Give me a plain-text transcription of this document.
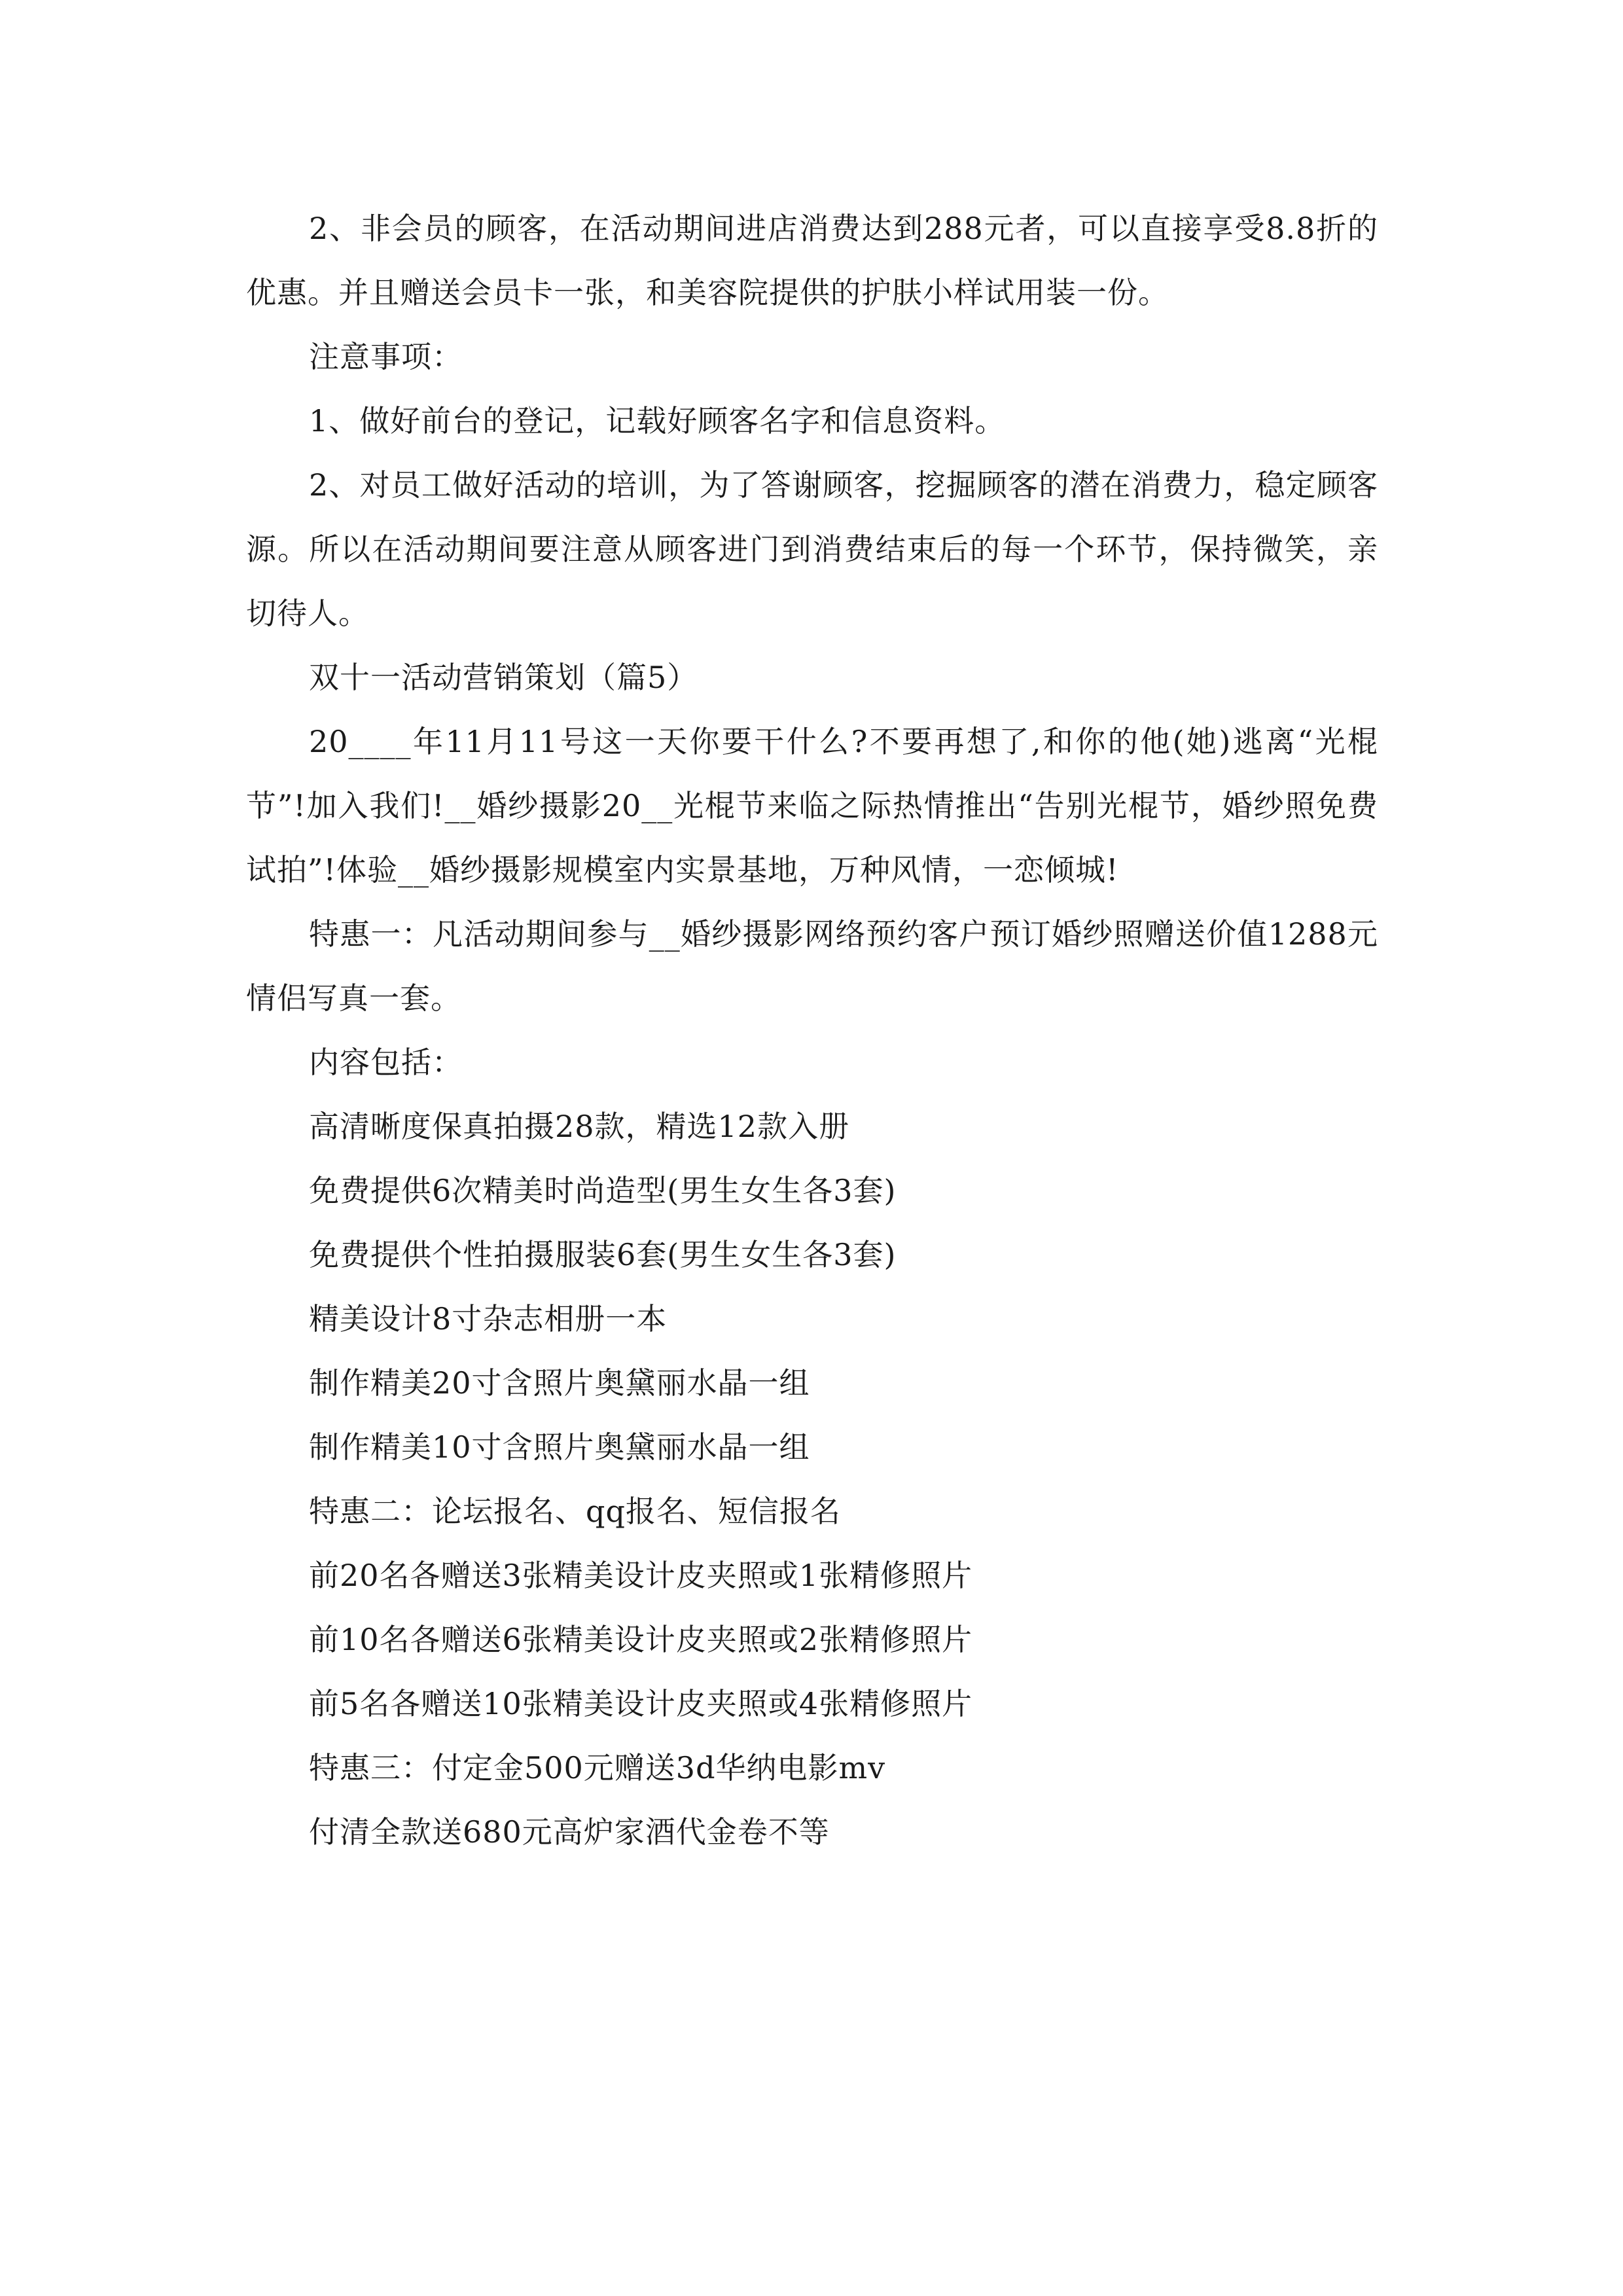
2、非会员的顾客，在活动期间进店消费达到288元者，可以直接享受8.8折的优惠。并且赠送会员卡一张，和美容院提供的护肤小样试用装一份。

注意事项：

1、做好前台的登记，记载好顾客名字和信息资料。

2、对员工做好活动的培训，为了答谢顾客，挖掘顾客的潜在消费力，稳定顾客源。所以在活动期间要注意从顾客进门到消费结束后的每一个环节，保持微笑，亲切待人。

双十一活动营销策划（篇5）

20____年11月11号这一天你要干什么?不要再想了,和你的他(她)逃离“光棍节”!加入我们!__婚纱摄影20__光棍节来临之际热情推出“告别光棍节，婚纱照免费试拍”!体验__婚纱摄影规模室内实景基地，万种风情，一恋倾城!

特惠一：凡活动期间参与__婚纱摄影网络预约客户预订婚纱照赠送价值1288元情侣写真一套。

内容包括：

高清晰度保真拍摄28款，精选12款入册

免费提供6次精美时尚造型(男生女生各3套)

免费提供个性拍摄服装6套(男生女生各3套)

精美设计8寸杂志相册一本

制作精美20寸含照片奥黛丽水晶一组

制作精美10寸含照片奥黛丽水晶一组

特惠二：论坛报名、qq报名、短信报名

前20名各赠送3张精美设计皮夹照或1张精修照片

前10名各赠送6张精美设计皮夹照或2张精修照片

前5名各赠送10张精美设计皮夹照或4张精修照片

特惠三：付定金500元赠送3d华纳电影mv

付清全款送680元高炉家酒代金卷不等
